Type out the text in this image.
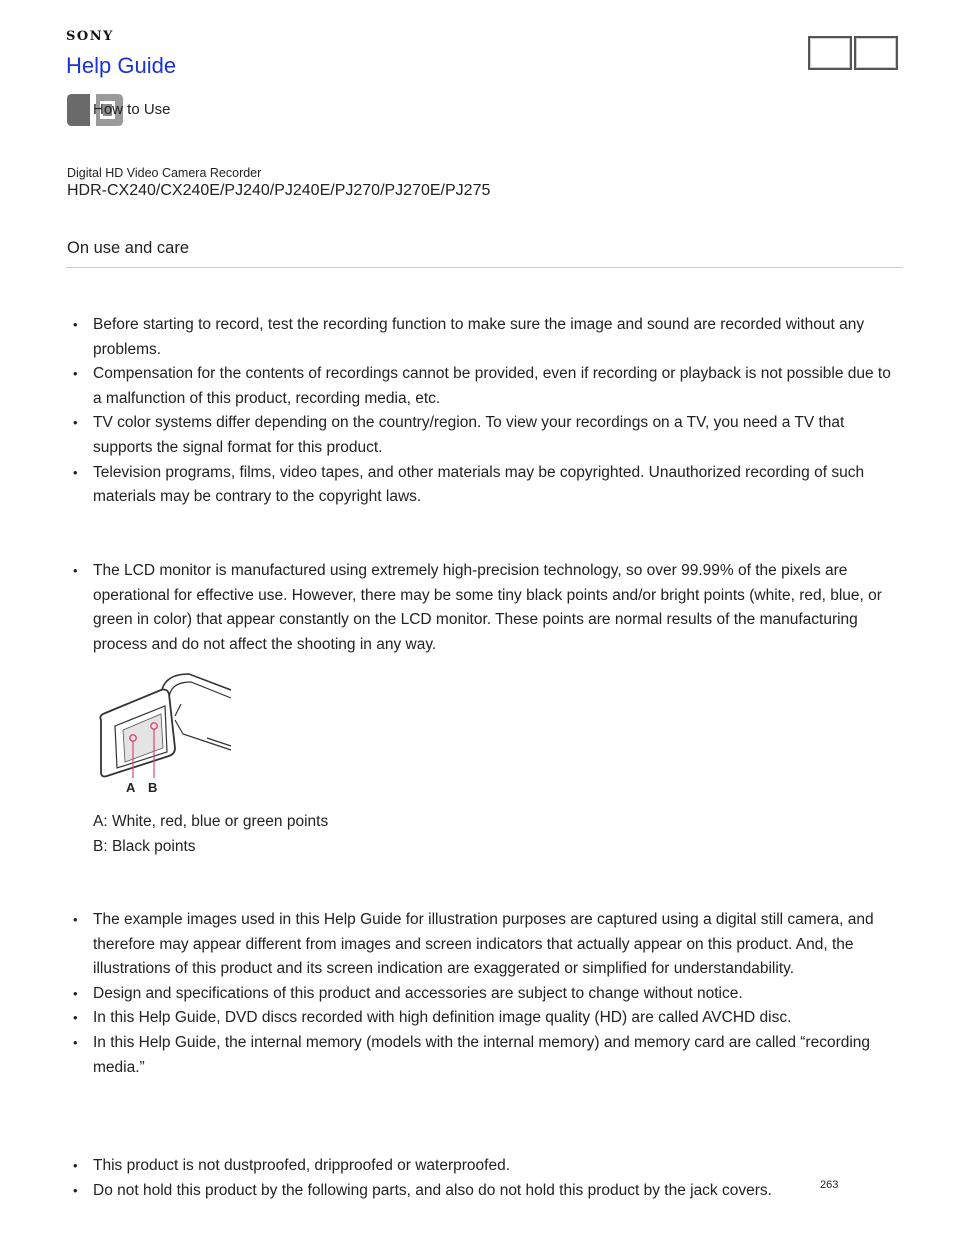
SONY
Help Guide
How to Use
Digital HD Video Camera Recorder
HDR-CX240/CX240E/PJ240/PJ240E/PJ270/PJ270E/PJ275
On use and care
• Before starting to record, test the recording function to make sure the image and sound are recorded without any problems.
• Compensation for the contents of recordings cannot be provided, even if recording or playback is not possible due to a malfunction of this product, recording media, etc.
• TV color systems differ depending on the country/region. To view your recordings on a TV, you need a TV that supports the signal format for this product.
• Television programs, films, video tapes, and other materials may be copyrighted. Unauthorized recording of such materials may be contrary to the copyright laws.
• The LCD monitor is manufactured using extremely high-precision technology, so over 99.99% of the pixels are operational for effective use. However, there may be some tiny black points and/or bright points (white, red, blue, or green in color) that appear constantly on the LCD monitor. These points are normal results of the manufacturing process and do not affect the shooting in any way.
A B
A: White, red, blue or green points
B: Black points
• The example images used in this Help Guide for illustration purposes are captured using a digital still camera, and therefore may appear different from images and screen indicators that actually appear on this product. And, the illustrations of this product and its screen indication are exaggerated or simplified for understandability.
• Design and specifications of this product and accessories are subject to change without notice.
• In this Help Guide, DVD discs recorded with high definition image quality (HD) are called AVCHD disc.
• In this Help Guide, the internal memory (models with the internal memory) and memory card are called “recording media.”
• This product is not dustproofed, dripproofed or waterproofed.
• Do not hold this product by the following parts, and also do not hold this product by the jack covers.	263
